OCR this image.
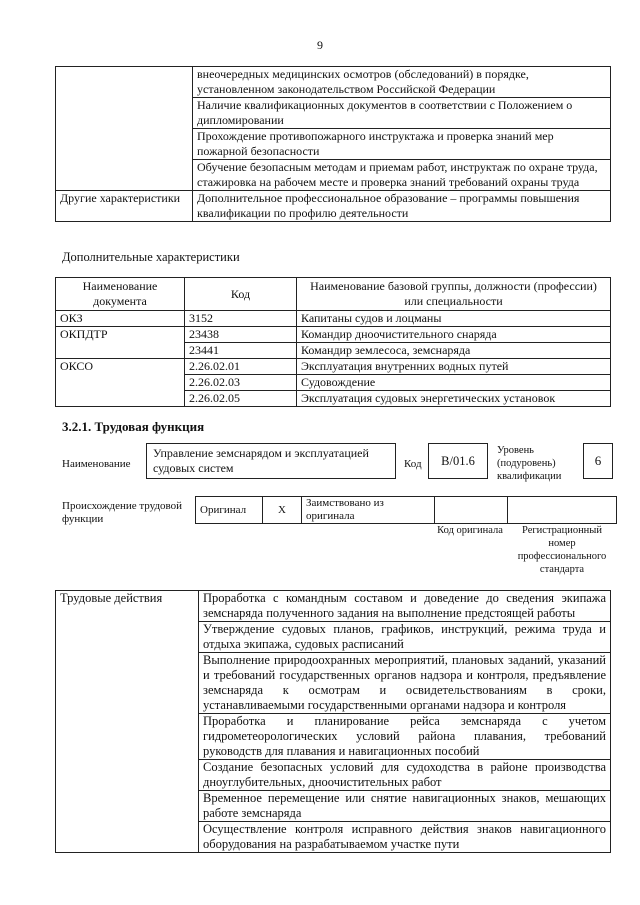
9

	внеочередных медицинских осмотров (обследований) в порядке, установленном законодательством Российской Федерации
Наличие квалификационных документов в соответствии с Положением о дипломировании
Прохождение противопожарного инструктажа и проверка знаний мер пожарной безопасности
Обучение безопасным методам и приемам работ, инструктаж по охране труда, стажировка на рабочем месте и проверка знаний требований охраны труда

Другие характеристики	Дополнительное профессиональное образование – программы повышения квалификации по профилю деятельности
Дополнительные характеристики
Наименование документа	Код	Наименование базовой группы, должности (профессии) или специальности
ОКЗ	3152	Капитаны судов и лоцманы
ОКПДТР	23438	Командир дноочистительного снаряда
	23441	Командир землесоса, земснаряда
ОКСО	2.26.02.01	Эксплуатация внутренних водных путей
	2.26.02.03	Судовождение
	2.26.02.05	Эксплуатация судовых энергетических установок
3.2.1. Трудовая функция
Наименование
Управление земснарядом и эксплуатацией судовых систем	Код	B/01.6
Уровень (подуровень) квалификации
6
Происхождение трудовой функции
Оригинал	X	Заимствовано из оригинала		
Код оригинала	Регистрационный номер профессионального стандарта
Трудовые действия	Проработка с командным составом и доведение до сведения экипажа земснаряда полученного задания на выполнение предстоящей работы
Утверждение судовых планов, графиков, инструкций, режима труда и отдыха экипажа, судовых расписаний
Выполнение природоохранных мероприятий, плановых заданий, указаний и требований государственных органов надзора и контроля, предъявление земснаряда к осмотрам и освидетельствованиям в сроки, устанавливаемыми государственными органами надзора и контроля
Проработка и планирование рейса земснаряда с учетом гидрометеорологических условий района плавания, требований руководств для плавания и навигационных пособий
Создание безопасных условий для судоходства в районе производства дноуглубительных, дноочистительных работ
Временное перемещение или снятие навигационных знаков, мешающих работе земснаряда
Осуществление контроля исправного действия знаков навигационного оборудования на разрабатываемом участке пути
